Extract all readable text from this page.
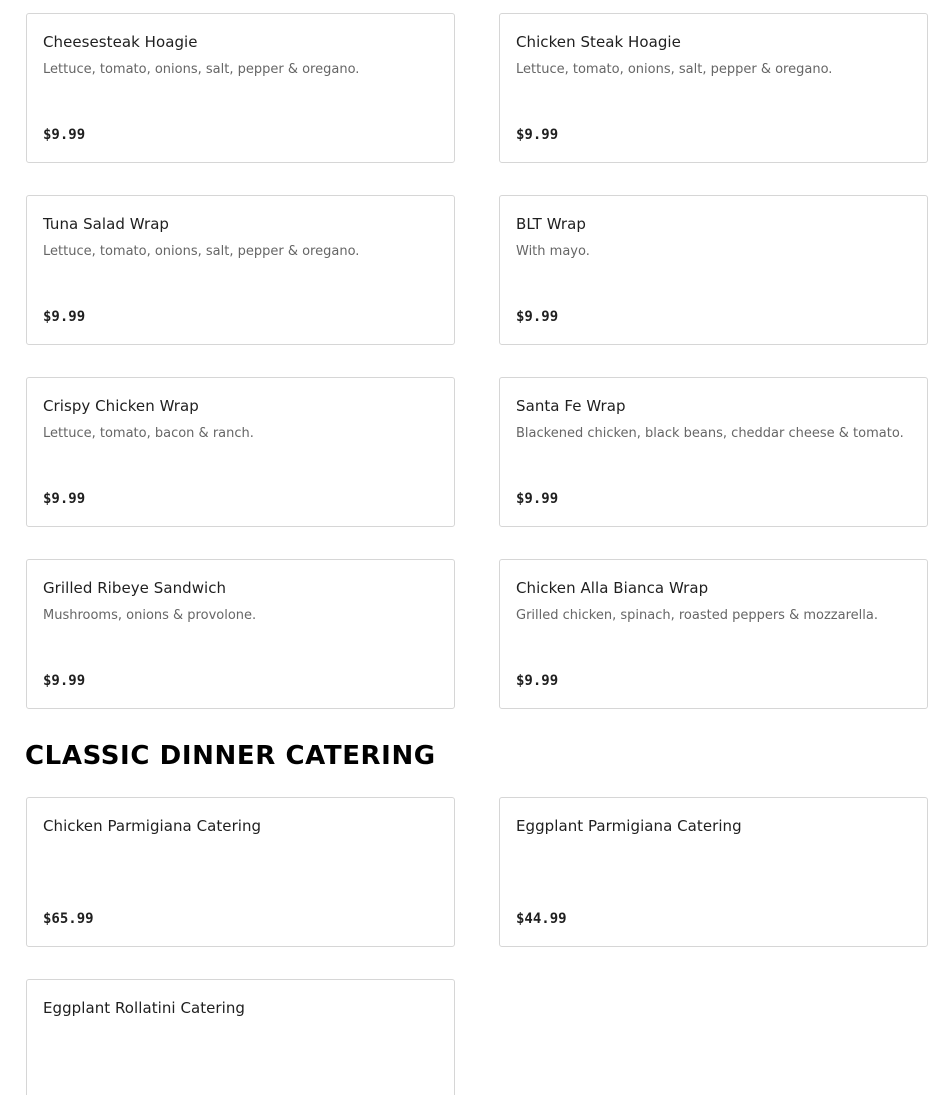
Cheesesteak Hoagie
Lettuce, tomato, onions, salt, pepper & oregano.
$9.99
Chicken Steak Hoagie
Lettuce, tomato, onions, salt, pepper & oregano.
$9.99
Tuna Salad Wrap
Lettuce, tomato, onions, salt, pepper & oregano.
$9.99
BLT Wrap
With mayo.
$9.99
Crispy Chicken Wrap
Lettuce, tomato, bacon & ranch.
$9.99
Santa Fe Wrap
Blackened chicken, black beans, cheddar cheese & tomato.
$9.99
Grilled Ribeye Sandwich
Mushrooms, onions & provolone.
$9.99
Chicken Alla Bianca Wrap
Grilled chicken, spinach, roasted peppers & mozzarella.
$9.99
CLASSIC DINNER CATERING
Chicken Parmigiana Catering
$65.99
Eggplant Parmigiana Catering
$44.99
Eggplant Rollatini Catering
